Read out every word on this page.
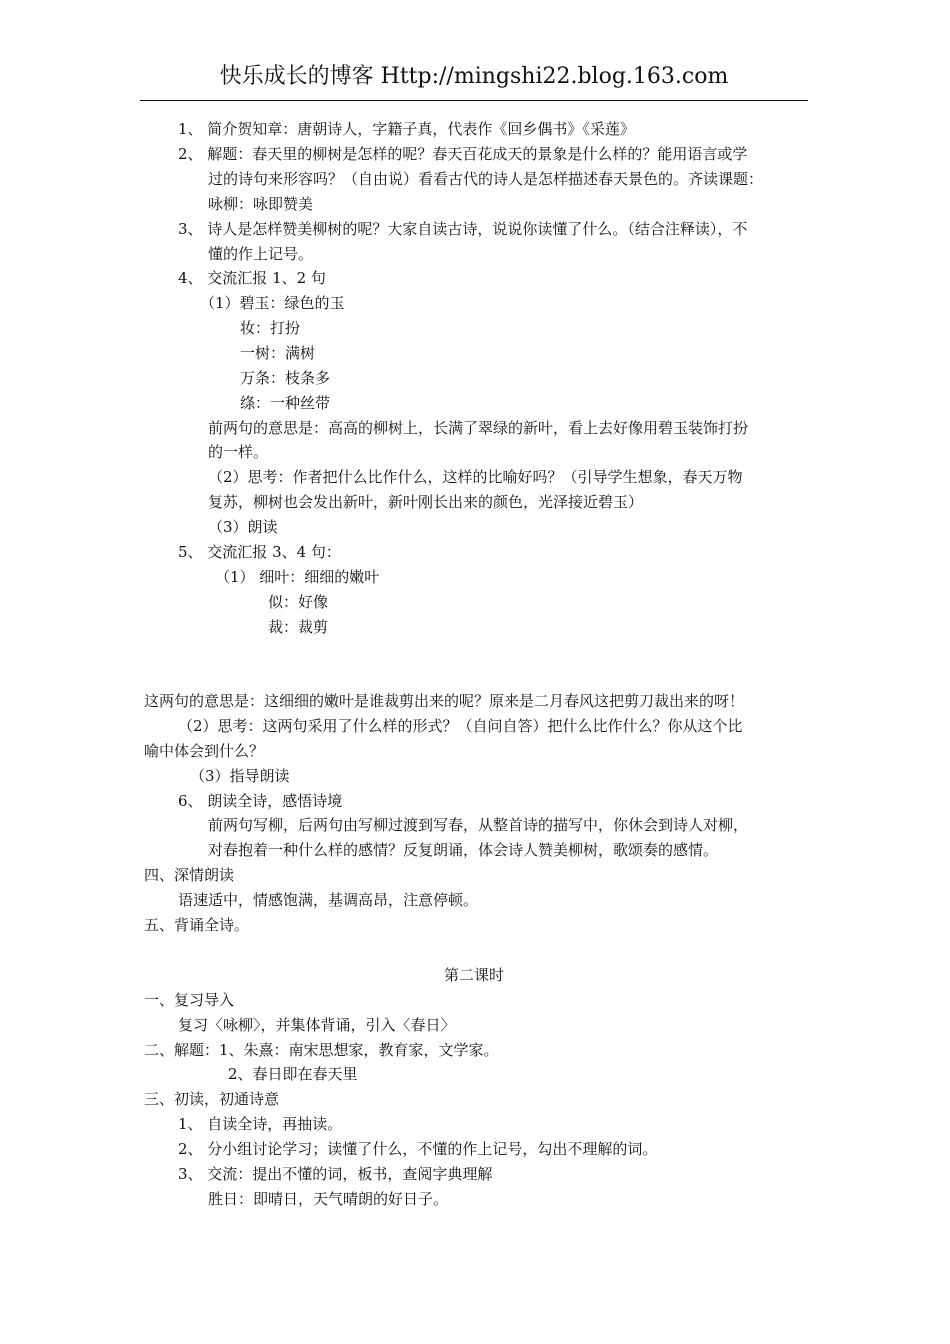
快乐成长的博客 Http://mingshi22.blog.163.com
1、 简介贺知章：唐朝诗人，字籍子真，代表作《回乡偶书》《采莲》
2、 解题：春天里的柳树是怎样的呢？春天百花成天的景象是什么样的？能用语言或学
过的诗句来形容吗？（自由说）看看古代的诗人是怎样描述春天景色的。齐读课题：
咏柳：咏即赞美
3、 诗人是怎样赞美柳树的呢？大家自读古诗，说说你读懂了什么。（结合注释读），不
懂的作上记号。
4、 交流汇报 1、2 句
（1）碧玉：绿色的玉
妆：打扮
一树：满树
万条：枝条多
绦：一种丝带
前两句的意思是：高高的柳树上，长满了翠绿的新叶，看上去好像用碧玉装饰打扮
的一样。
（2）思考：作者把什么比作什么，这样的比喻好吗？（引导学生想象，春天万物
复苏，柳树也会发出新叶，新叶刚长出来的颜色，光泽接近碧玉）
（3）朗读
5、 交流汇报 3、4 句：
（1） 细叶：细细的嫩叶
似：好像
裁：裁剪
这两句的意思是：这细细的嫩叶是谁裁剪出来的呢？原来是二月春风这把剪刀裁出来的呀！
（2）思考：这两句采用了什么样的形式？（自问自答）把什么比作什么？你从这个比
喻中体会到什么？
（3）指导朗读
6、 朗读全诗，感悟诗境
前两句写柳，后两句由写柳过渡到写春，从整首诗的描写中，你休会到诗人对柳，
对春抱着一种什么样的感情？反复朗诵，体会诗人赞美柳树，歌颂奏的感情。
四、深情朗读
语速适中，情感饱满，基调高昂，注意停顿。
五、背诵全诗。
第二课时
一、复习导入
复习〈咏柳〉，并集体背诵，引入〈春日〉
二、解题：1、朱熹：南宋思想家，教育家，文学家。
2、春日即在春天里
三、初读，初通诗意
1、 自读全诗，再抽读。
2、 分小组讨论学习；读懂了什么，不懂的作上记号，勾出不理解的词。
3、 交流：提出不懂的词，板书，查阅字典理解
胜日：即晴日，天气晴朗的好日子。
